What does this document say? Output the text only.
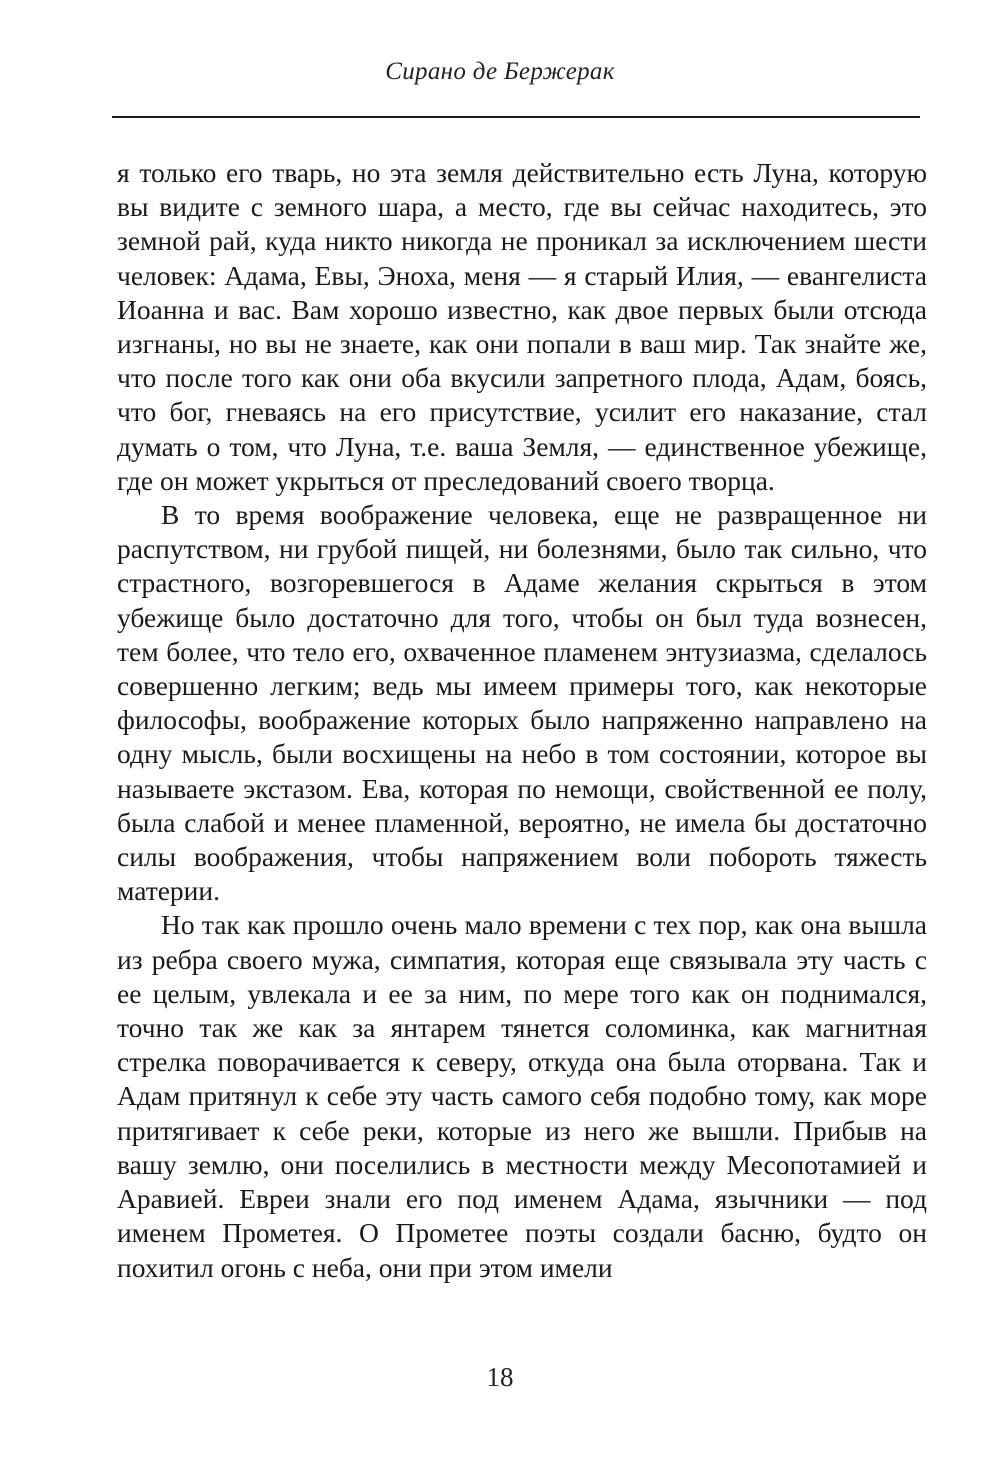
Сирано де Бержерак

я только его тварь, но эта земля действительно есть Луна, которую вы видите с земного шара, а место, где вы сейчас находитесь, это земной рай, куда никто никогда не проникал за исключением шести человек: Адама, Евы, Эноха, меня — я старый Илия, — евангелиста Иоанна и вас. Вам хорошо известно, как двое первых были отсюда изгнаны, но вы не знаете, как они попали в ваш мир. Так знайте же, что после того как они оба вкусили запретного плода, Адам, боясь, что бог, гневаясь на его присутствие, усилит его наказание, стал думать о том, что Луна, т.е. ваша Земля, — единственное убежище, где он может укрыться от преследований своего творца.

В то время воображение человека, еще не развращенное ни распутством, ни грубой пищей, ни болезнями, было так сильно, что страстного, возгоревшегося в Адаме желания скрыться в этом убежище было достаточно для того, чтобы он был туда вознесен, тем более, что тело его, охваченное пламенем энтузиазма, сделалось совершенно легким; ведь мы имеем примеры того, как некоторые философы, воображение которых было напряженно направлено на одну мысль, были восхищены на небо в том состоянии, которое вы называете экстазом. Ева, которая по немощи, свойственной ее полу, была слабой и менее пламенной, вероятно, не имела бы достаточно силы воображения, чтобы напряжением воли побороть тяжесть материи.

Но так как прошло очень мало времени с тех пор, как она вышла из ребра своего мужа, симпатия, которая еще связывала эту часть с ее целым, увлекала и ее за ним, по мере того как он поднимался, точно так же как за янтарем тянется соломинка, как магнитная стрелка поворачивается к северу, откуда она была оторвана. Так и Адам притянул к себе эту часть самого себя подобно тому, как море притягивает к себе реки, которые из него же вышли. Прибыв на вашу землю, они поселились в местности между Месопотамией и Аравией. Евреи знали его под именем Адама, язычники — под именем Прометея. О Прометее поэты создали басню, будто он похитил огонь с неба, они при этом имели

18
